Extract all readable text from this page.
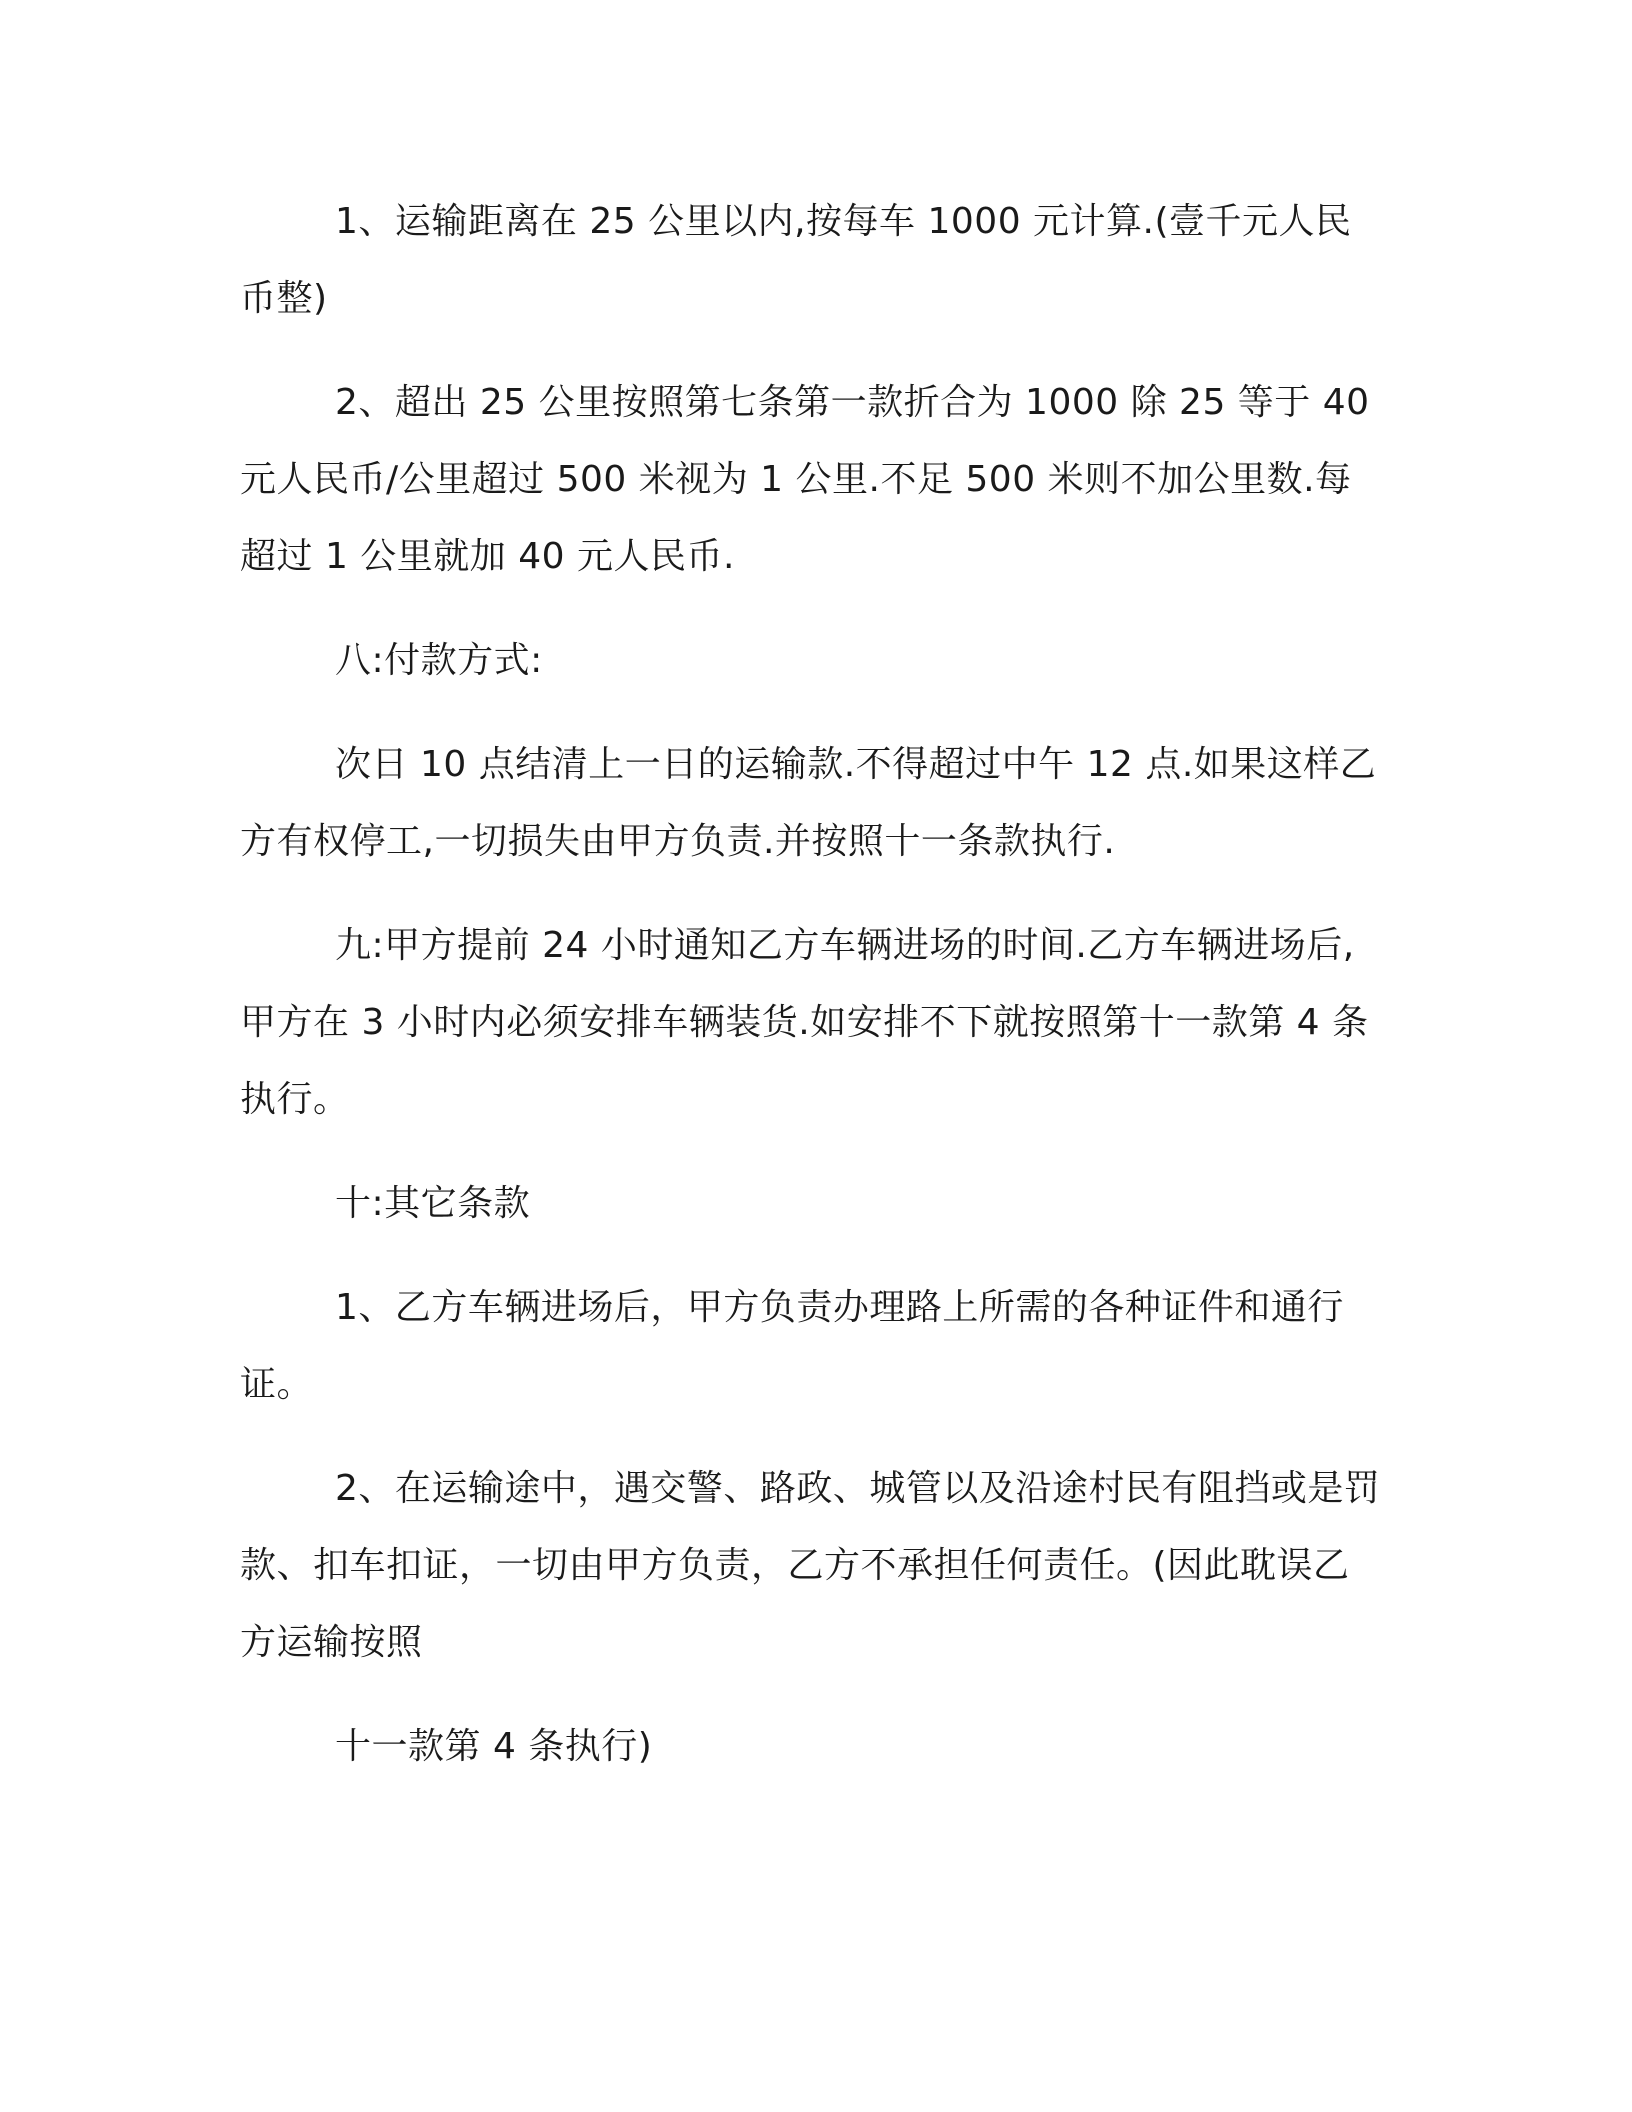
1、运输距离在 25 公里以内,按每车 1000 元计算.(壹千元人民币整)

2、超出 25 公里按照第七条第一款折合为 1000 除 25 等于 40 元人民币/公里超过 500 米视为 1 公里.不足 500 米则不加公里数.每超过 1 公里就加 40 元人民币.

八:付款方式:

次日 10 点结清上一日的运输款.不得超过中午 12 点.如果这样乙方有权停工,一切损失由甲方负责.并按照十一条款执行.

九:甲方提前 24 小时通知乙方车辆进场的时间.乙方车辆进场后,甲方在 3 小时内必须安排车辆装货.如安排不下就按照第十一款第 4 条执行。

十:其它条款

1、乙方车辆进场后，甲方负责办理路上所需的各种证件和通行证。

2、在运输途中，遇交警、路政、城管以及沿途村民有阻挡或是罚款、扣车扣证，一切由甲方负责，乙方不承担任何责任。(因此耽误乙方运输按照

十一款第 4 条执行)
